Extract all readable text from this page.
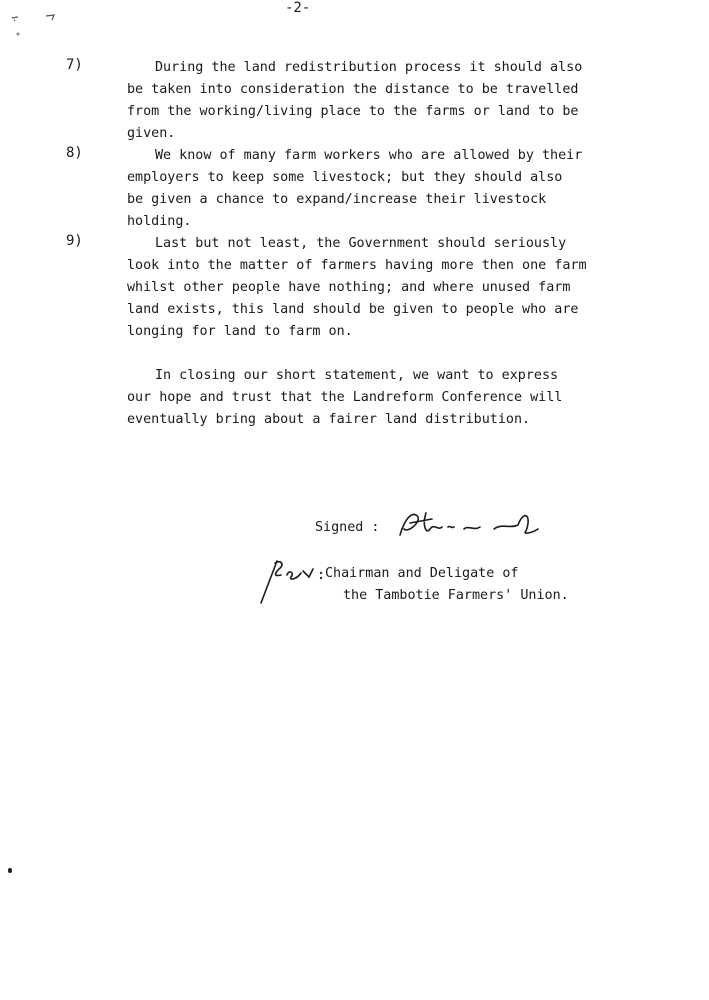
-2-
7)	During the land redistribution process it should also
be taken into consideration the distance to be travelled
from the working/living place to the farms or land to be
given.
8)	We know of many farm workers who are allowed by their
employers to keep some livestock; but they should also
be given a chance to expand/increase their livestock
holding.
9)	Last but not least, the Government should seriously
look into the matter of farmers having more then one farm
whilst other people have nothing; and where unused farm
land exists, this land should be given to people who are
longing for land to farm on.
In closing our short statement, we want to express
our hope and trust that the Landreform Conference will
eventually bring about a fairer land distribution.
Signed :
Chairman and Deligate of
the Tambotie Farmers' Union.
